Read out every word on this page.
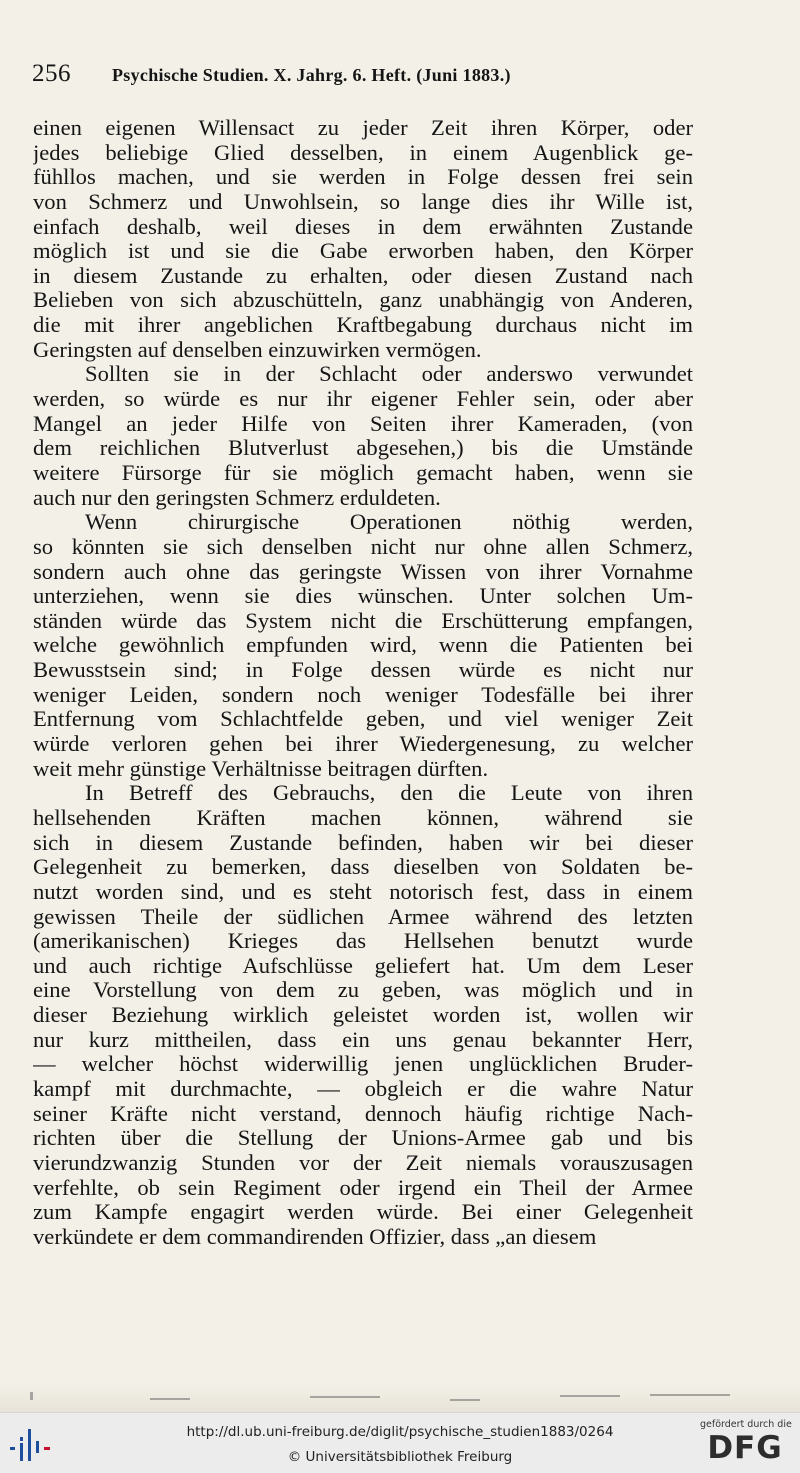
256	Psychische Studien. X. Jahrg. 6. Heft. (Juni 1883.)
einen eigenen Willensact zu jeder Zeit ihren Körper, oder
jedes beliebige Glied desselben, in einem Augenblick ge-
fühllos machen, und sie werden in Folge dessen frei sein
von Schmerz und Unwohlsein, so lange dies ihr Wille ist,
einfach deshalb, weil dieses in dem erwähnten Zustande
möglich ist und sie die Gabe erworben haben, den Körper
in diesem Zustande zu erhalten, oder diesen Zustand nach
Belieben von sich abzuschütteln, ganz unabhängig von Anderen,
die mit ihrer angeblichen Kraftbegabung durchaus nicht im
Geringsten auf denselben einzuwirken vermögen.
Sollten sie in der Schlacht oder anderswo verwundet
werden, so würde es nur ihr eigener Fehler sein, oder aber
Mangel an jeder Hilfe von Seiten ihrer Kameraden, (von
dem reichlichen Blutverlust abgesehen,) bis die Umstände
weitere Fürsorge für sie möglich gemacht haben, wenn sie
auch nur den geringsten Schmerz erduldeten.
Wenn chirurgische Operationen nöthig werden,
so könnten sie sich denselben nicht nur ohne allen Schmerz,
sondern auch ohne das geringste Wissen von ihrer Vornahme
unterziehen, wenn sie dies wünschen. Unter solchen Um-
ständen würde das System nicht die Erschütterung empfangen,
welche gewöhnlich empfunden wird, wenn die Patienten bei
Bewusstsein sind; in Folge dessen würde es nicht nur
weniger Leiden, sondern noch weniger Todesfälle bei ihrer
Entfernung vom Schlachtfelde geben, und viel weniger Zeit
würde verloren gehen bei ihrer Wiedergenesung, zu welcher
weit mehr günstige Verhältnisse beitragen dürften.
In Betreff des Gebrauchs, den die Leute von ihren
hellsehenden Kräften machen können, während sie
sich in diesem Zustande befinden, haben wir bei dieser
Gelegenheit zu bemerken, dass dieselben von Soldaten be-
nutzt worden sind, und es steht notorisch fest, dass in einem
gewissen Theile der südlichen Armee während des letzten
(amerikanischen) Krieges das Hellsehen benutzt wurde
und auch richtige Aufschlüsse geliefert hat. Um dem Leser
eine Vorstellung von dem zu geben, was möglich und in
dieser Beziehung wirklich geleistet worden ist, wollen wir
nur kurz mittheilen, dass ein uns genau bekannter Herr,
— welcher höchst widerwillig jenen unglücklichen Bruder-
kampf mit durchmachte, — obgleich er die wahre Natur
seiner Kräfte nicht verstand, dennoch häufig richtige Nach-
richten über die Stellung der Unions-Armee gab und bis
vierundzwanzig Stunden vor der Zeit niemals vorauszusagen
verfehlte, ob sein Regiment oder irgend ein Theil der Armee
zum Kampfe engagirt werden würde. Bei einer Gelegenheit
verkündete er dem commandirenden Offizier, dass „an diesem
http://dl.ub.uni-freiburg.de/diglit/psychische_studien1883/0264
© Universitätsbibliothek Freiburg
gefördert durch die
DFG
